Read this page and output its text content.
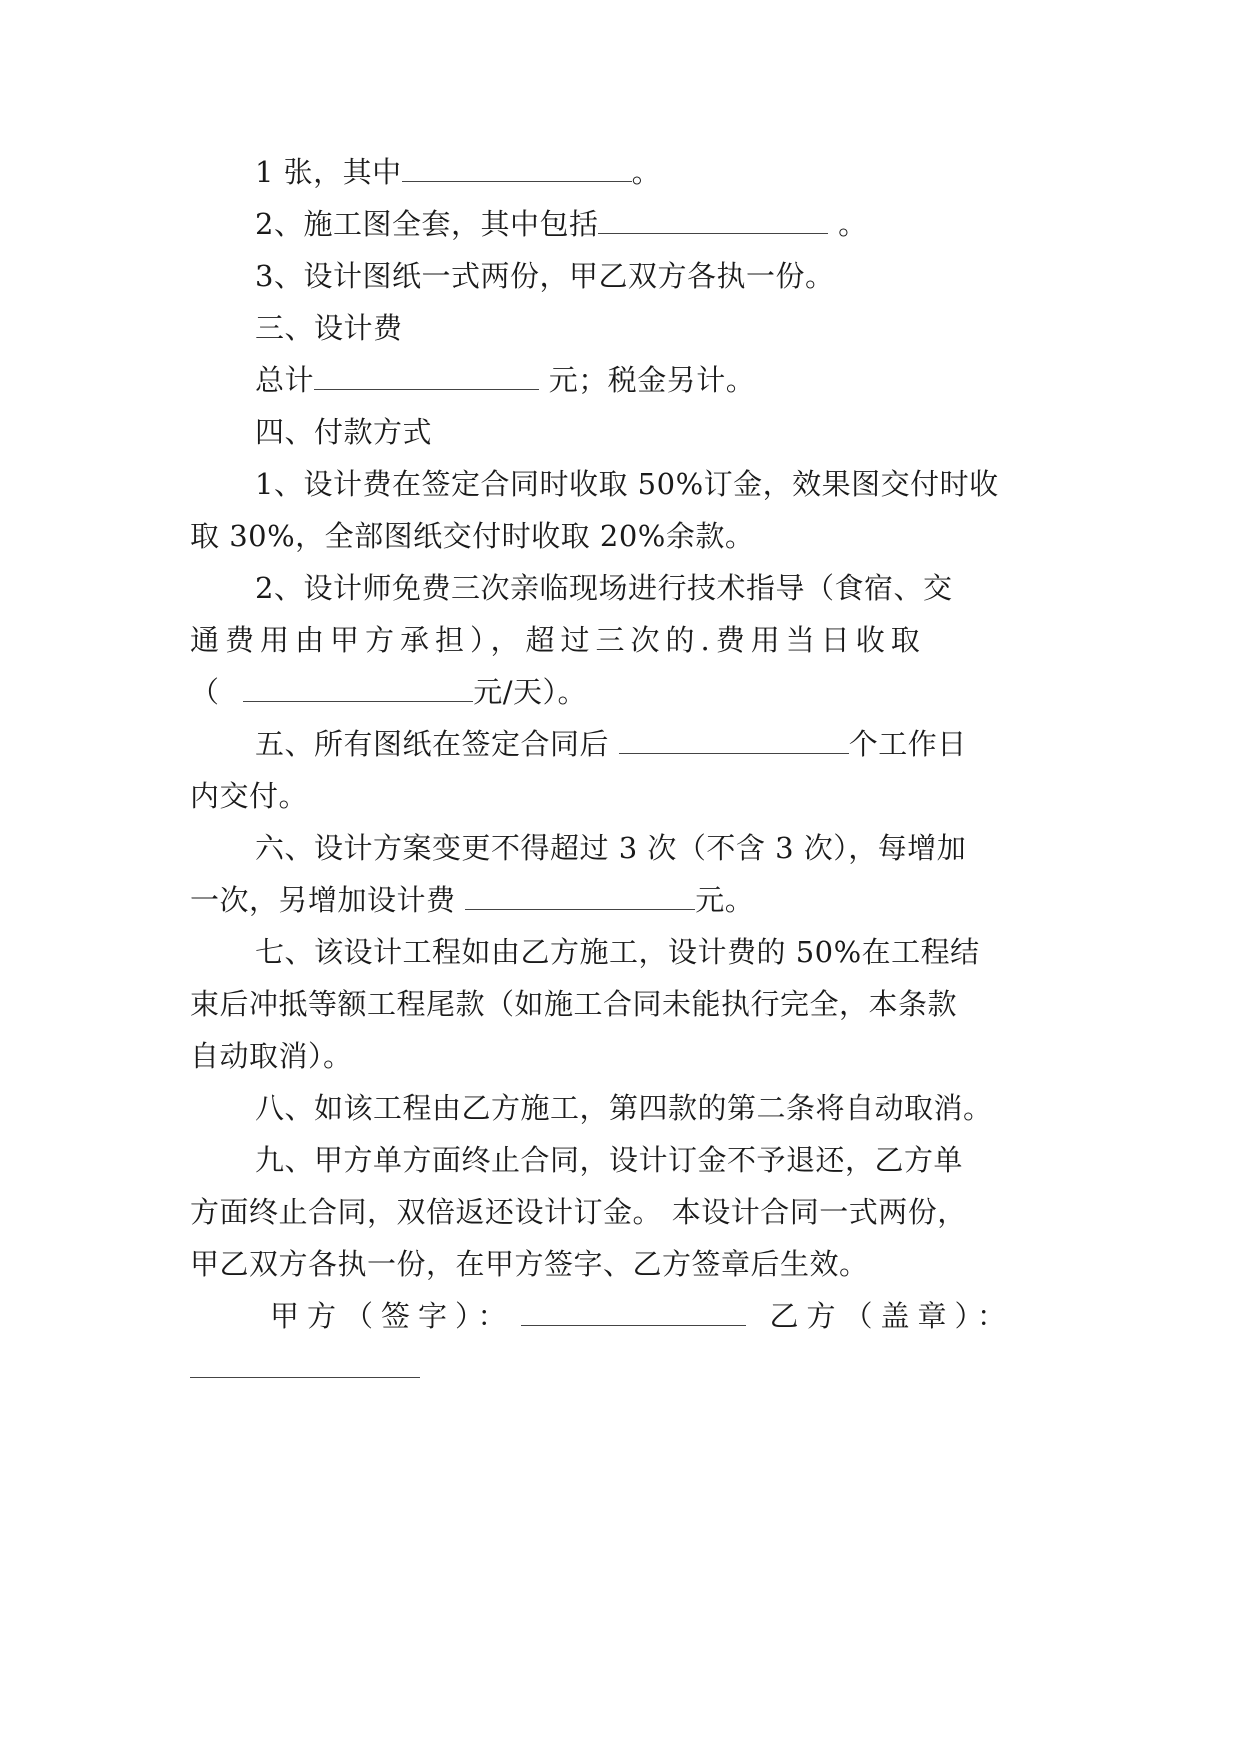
1 张，其中	。
2、施工图全套，其中包括	。
3、设计图纸一式两份，甲乙双方各执一份。
三、设计费
总计	元；税金另计。
四、付款方式
1、设计费在签定合同时收取 50%订金，效果图交付时收
取 30%，全部图纸交付时收取 20%余款。
2、设计师免费三次亲临现场进行技术指导（食宿、交
通费用由甲方承担），超过三次的.费用当日收取
（	元/天）。
五、所有图纸在签定合同后	个工作日
内交付。
六、设计方案变更不得超过 3 次（不含 3 次），每增加
一次，另增加设计费	元。
七、该设计工程如由乙方施工，设计费的 50%在工程结
束后冲抵等额工程尾款（如施工合同未能执行完全，本条款
自动取消）。
八、如该工程由乙方施工，第四款的第二条将自动取消。
九、甲方单方面终止合同，设计订金不予退还，乙方单
方面终止合同，双倍返还设计订金。 本设计合同一式两份，
甲乙双方各执一份，在甲方签字、乙方签章后生效。
甲方（签字）：	乙方（盖章）：
